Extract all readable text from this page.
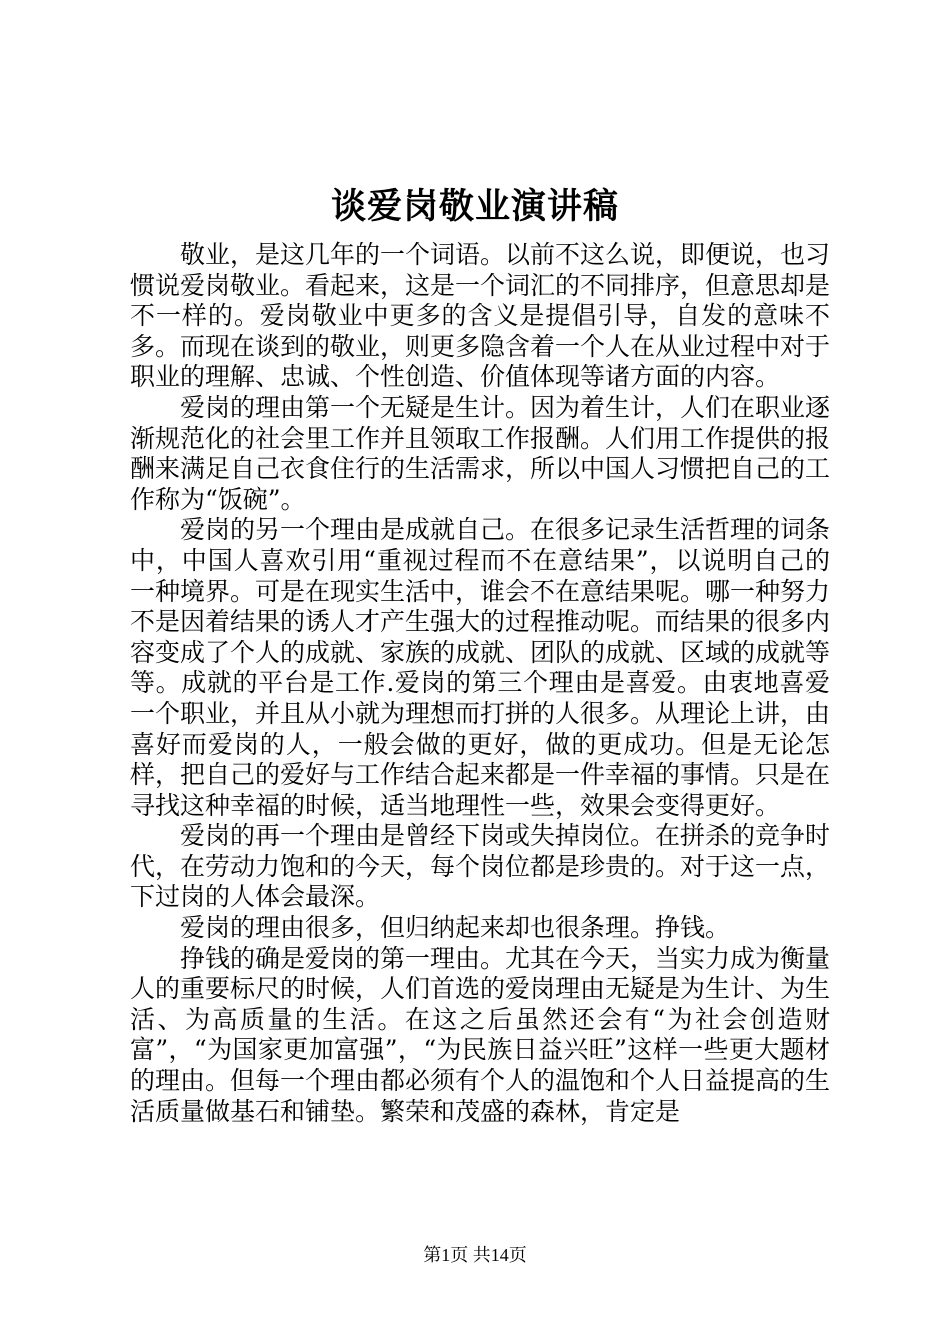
谈爱岗敬业演讲稿

敬业，是这几年的一个词语。以前不这么说，即便说，也习惯说爱岗敬业。看起来，这是一个词汇的不同排序，但意思却是不一样的。爱岗敬业中更多的含义是提倡引导，自发的意味不多。而现在谈到的敬业，则更多隐含着一个人在从业过程中对于职业的理解、忠诚、个性创造、价值体现等诸方面的内容。

爱岗的理由第一个无疑是生计。因为着生计，人们在职业逐渐规范化的社会里工作并且领取工作报酬。人们用工作提供的报酬来满足自己衣食住行的生活需求，所以中国人习惯把自己的工作称为“饭碗”。

爱岗的另一个理由是成就自己。在很多记录生活哲理的词条中，中国人喜欢引用“重视过程而不在意结果”，以说明自己的一种境界。可是在现实生活中，谁会不在意结果呢。哪一种努力不是因着结果的诱人才产生强大的过程推动呢。而结果的很多内容变成了个人的成就、家族的成就、团队的成就、区域的成就等等。成就的平台是工作.爱岗的第三个理由是喜爱。由衷地喜爱一个职业，并且从小就为理想而打拼的人很多。从理论上讲，由喜好而爱岗的人，一般会做的更好，做的更成功。但是无论怎样，把自己的爱好与工作结合起来都是一件幸福的事情。只是在寻找这种幸福的时候，适当地理性一些，效果会变得更好。

爱岗的再一个理由是曾经下岗或失掉岗位。在拼杀的竞争时代，在劳动力饱和的今天，每个岗位都是珍贵的。对于这一点，下过岗的人体会最深。

爱岗的理由很多，但归纳起来却也很条理。挣钱。

挣钱的确是爱岗的第一理由。尤其在今天，当实力成为衡量人的重要标尺的时候，人们首选的爱岗理由无疑是为生计、为生活、为高质量的生活。在这之后虽然还会有“为社会创造财富”，“为国家更加富强”，“为民族日益兴旺”这样一些更大题材的理由。但每一个理由都必须有个人的温饱和个人日益提高的生活质量做基石和铺垫。繁荣和茂盛的森林，肯定是

第1页 共14页
